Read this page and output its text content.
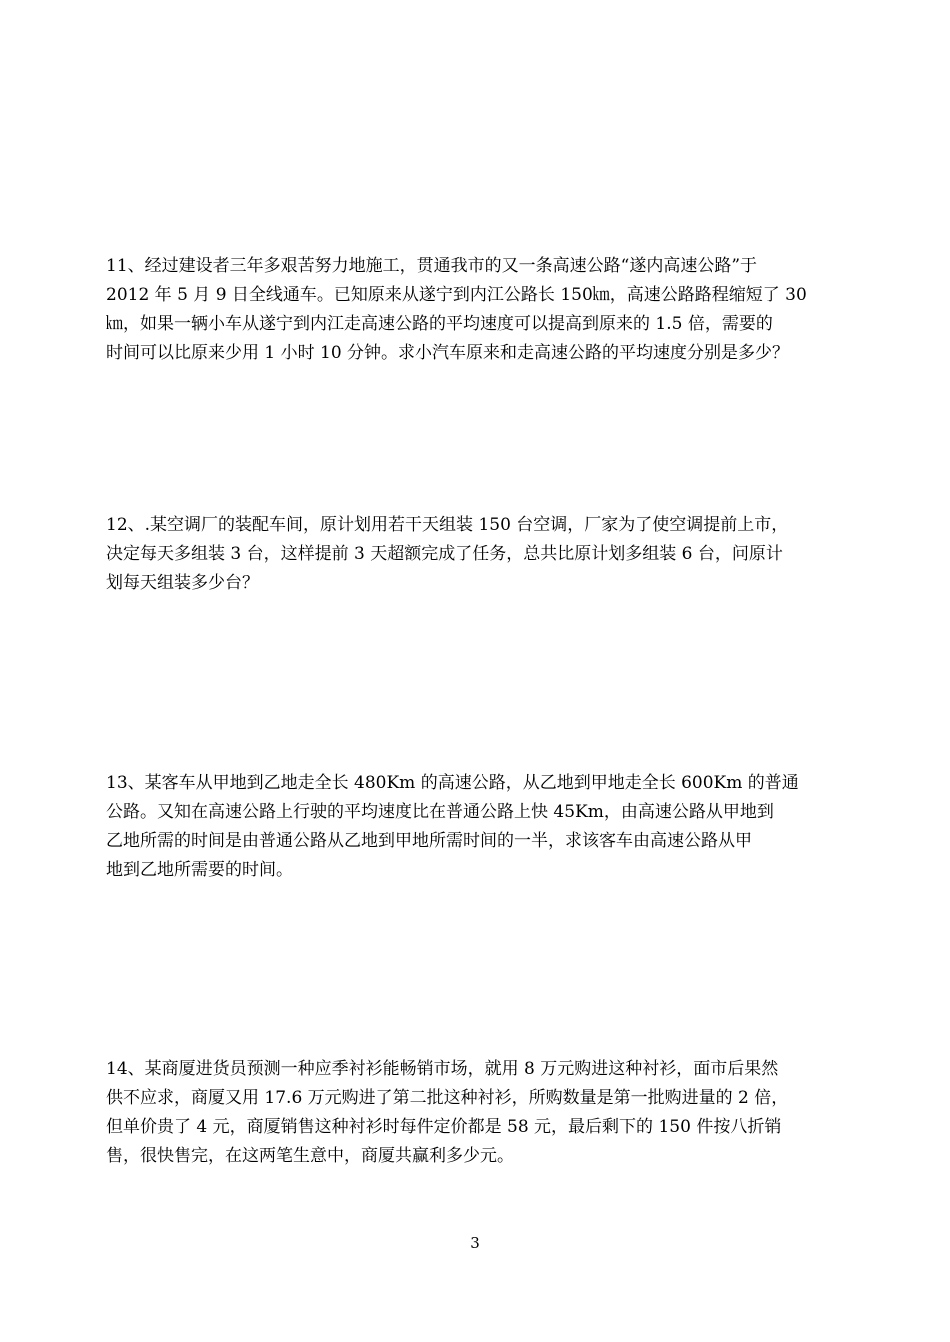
11、经过建设者三年多艰苦努力地施工，贯通我市的又一条高速公路“遂内高速公路”于
2012 年 5 月 9 日全线通车。已知原来从遂宁到内江公路长 150㎞，高速公路路程缩短了 30
㎞，如果一辆小车从遂宁到内江走高速公路的平均速度可以提高到原来的 1.5 倍，需要的
时间可以比原来少用 1 小时 10 分钟。求小汽车原来和走高速公路的平均速度分别是多少？
12、.某空调厂的装配车间，原计划用若干天组装 150 台空调，厂家为了使空调提前上市，
决定每天多组装 3 台，这样提前 3 天超额完成了任务，总共比原计划多组装 6 台，问原计
划每天组装多少台？
13、某客车从甲地到乙地走全长 480Km 的高速公路，从乙地到甲地走全长 600Km 的普通
公路。又知在高速公路上行驶的平均速度比在普通公路上快 45Km，由高速公路从甲地到
乙地所需的时间是由普通公路从乙地到甲地所需时间的一半，求该客车由高速公路从甲
地到乙地所需要的时间。
14、某商厦进货员预测一种应季衬衫能畅销市场，就用 8 万元购进这种衬衫，面市后果然
供不应求，商厦又用 17.6 万元购进了第二批这种衬衫，所购数量是第一批购进量的 2 倍，
但单价贵了 4 元，商厦销售这种衬衫时每件定价都是 58 元，最后剩下的 150 件按八折销
售，很快售完，在这两笔生意中，商厦共赢利多少元。
3
